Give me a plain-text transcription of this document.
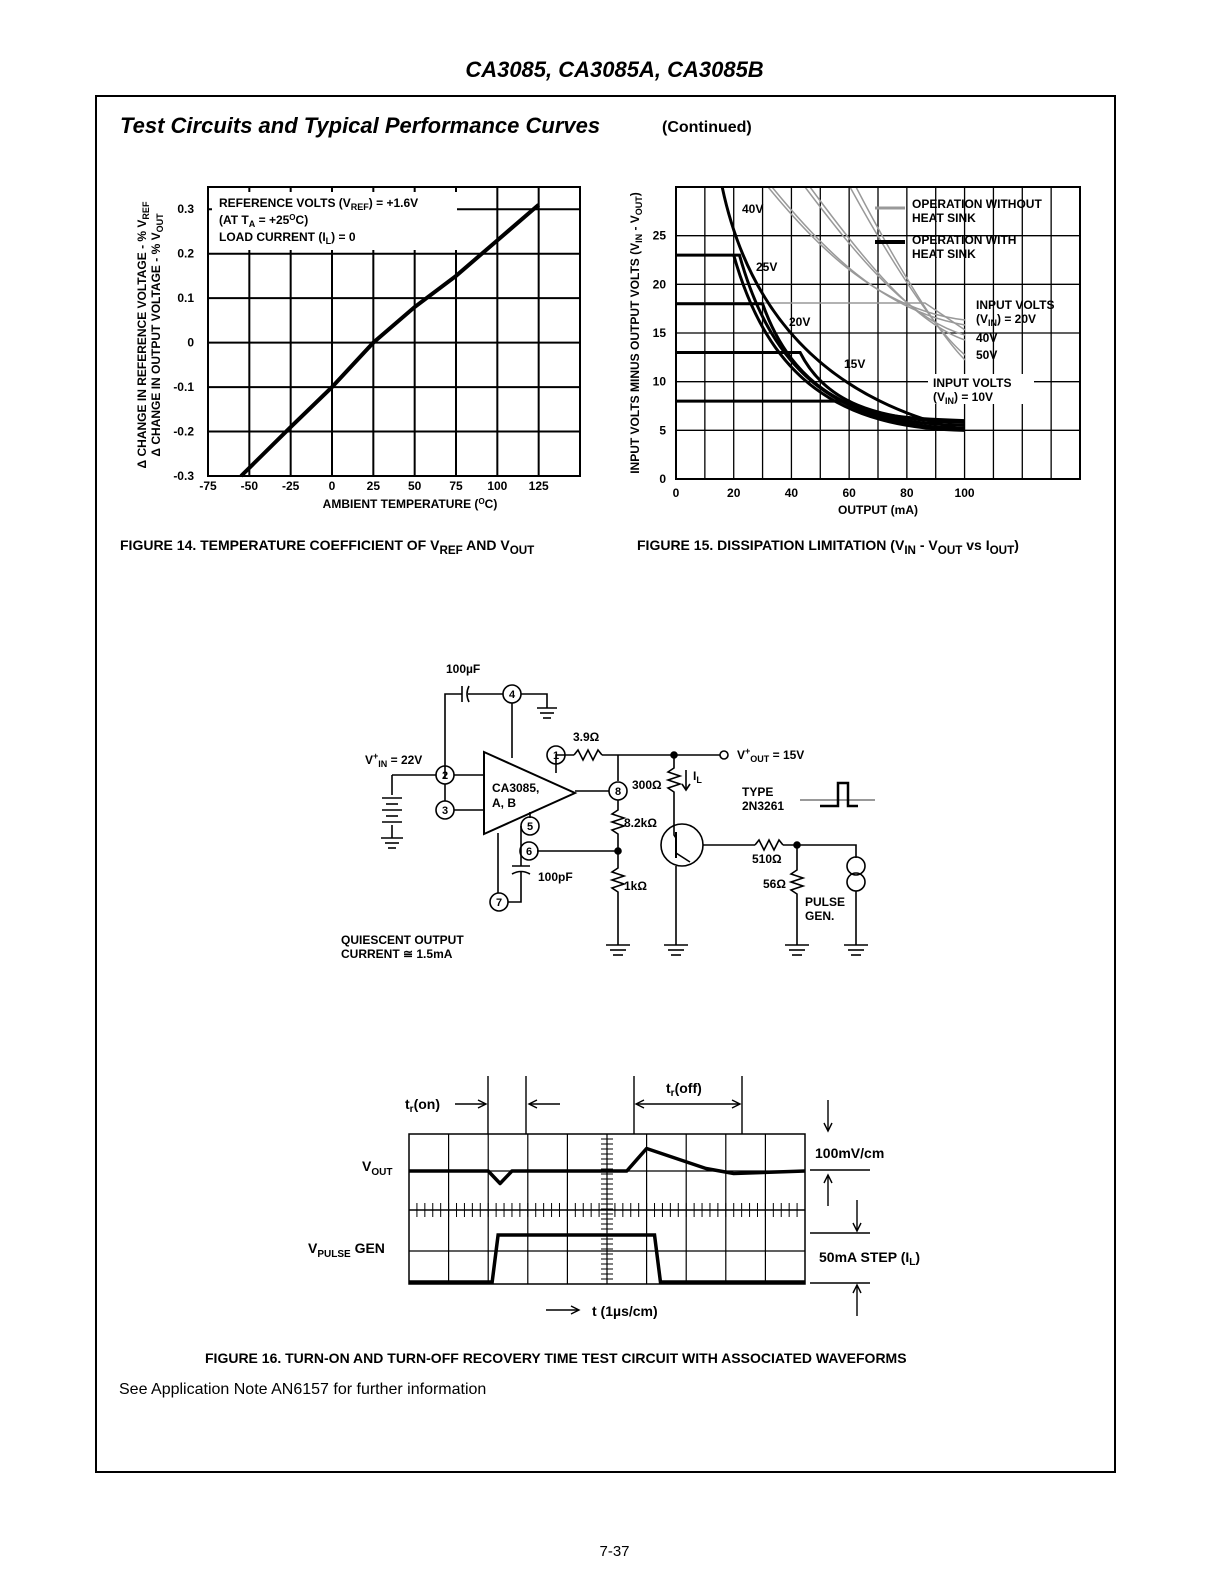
CA3085, CA3085A, CA3085B
Test Circuits and Typical Performance Curves	(Continued)
FIGURE 14. TEMPERATURE COEFFICIENT OF $V_{REF}$ AND $V_{OUT}$	FIGURE 15. DISSIPATION LIMITATION ($V_{IN} - V_{OUT}$ vs $I_{OUT}$)
FIGURE 16. TURN-ON AND TURN-OFF RECOVERY TIME TEST CIRCUIT WITH ASSOCIATED WAVEFORMS
See Application Note AN6157 for further information
7-37
-75 -50 -25 0	25 50 75 100 125
0.3
0.2
0.1
0
-0.1
-0.2
-0.3
REFERENCE VOLTS $(V_{REF}) = +1.6V$
(AT $T_A = +25^OC$)
LOAD CURRENT $(I_L) = 0$
AMBIENT TEMPERATURE ($^O$C)
Δ CHANGE IN REFERENCE VOLTAGE - % $V_{REF}$
Δ CHANGE IN OUTPUT VOLTAGE - % $V_{OUT}$
0	20	40	60	80	100
0
5
10
15
20
25
OPERATION WITHOUT
HEAT SINK
OPERATION WITH
HEAT SINK
40V
25V
20V
15V
INPUT VOLTS
$(V_{IN}) = 20V$
40V
50V
INPUT VOLTS
$(V_{IN}) = 10V$
OUTPUT (mA)
INPUT VOLTS MINUS OUTPUT VOLTS $(V_{IN} - V_{OUT})$
100µF
4
1
2
3
8
5
6
7
3.9Ω
$V^+_{IN} = 22V$	$V^+_{OUT} = 15V$
CA3085,
A, B
300Ω
$I_L$
TYPE
2N3261
8.2kΩ
510Ω
56Ω
100pF
1kΩ
PULSE
GEN.
QUIESCENT OUTPUT
CURRENT ≅ 1.5mA
$t_r(on)$
$t_r(off)$
$V_{OUT}$
$V_{PULSE}$ GEN
100mV/cm
50mA STEP $(I_L)$
t (1µs/cm)
